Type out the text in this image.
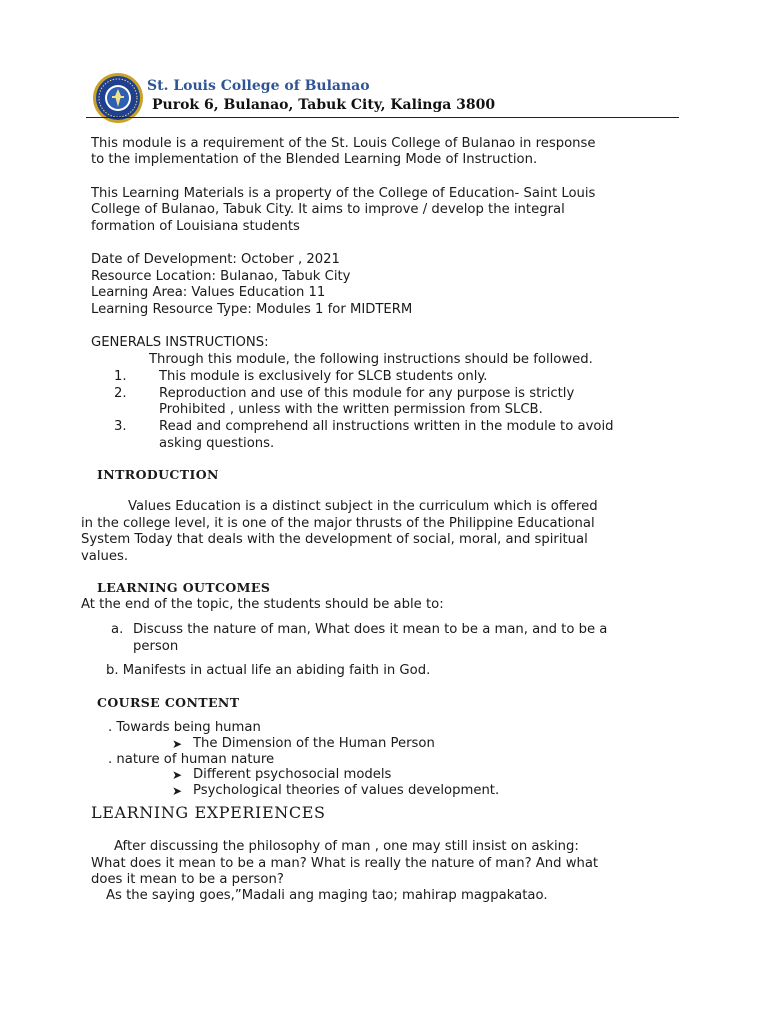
St. Louis College of Bulanao
Purok 6, Bulanao, Tabuk City, Kalinga 3800
This module is a requirement of the St. Louis College of Bulanao in response
to the implementation of the Blended Learning Mode of Instruction.
This Learning Materials is a property of the College of Education- Saint Louis
College of Bulanao, Tabuk City. It aims to improve / develop the integral
formation of Louisiana students
Date of Development: October , 2021
Resource Location: Bulanao, Tabuk City
Learning Area: Values Education 11
Learning Resource Type: Modules 1 for MIDTERM
GENERALS INSTRUCTIONS:
Through this module, the following instructions should be followed.
1. This module is exclusively for SLCB students only.
2. Reproduction and use of this module for any purpose is strictly
Prohibited , unless with the written permission from SLCB.
3. Read and comprehend all instructions written in the module to avoid
asking questions.
INTRODUCTION
Values Education is a distinct subject in the curriculum which is offered
in the college level, it is one of the major thrusts of the Philippine Educational
System Today that deals with the development of social, moral, and spiritual
values.
LEARNING OUTCOMES
At the end of the topic, the students should be able to:
a. Discuss the nature of man, What does it mean to be a man, and to be a
person
b. Manifests in actual life an abiding faith in God.
COURSE CONTENT
. Towards being human
➤ The Dimension of the Human Person
. nature of human nature
➤ Different psychosocial models
➤ Psychological theories of values development.
LEARNING EXPERIENCES
After discussing the philosophy of man , one may still insist on asking:
What does it mean to be a man? What is really the nature of man? And what
does it mean to be a person?
As the saying goes,”Madali ang maging tao; mahirap magpakatao.
